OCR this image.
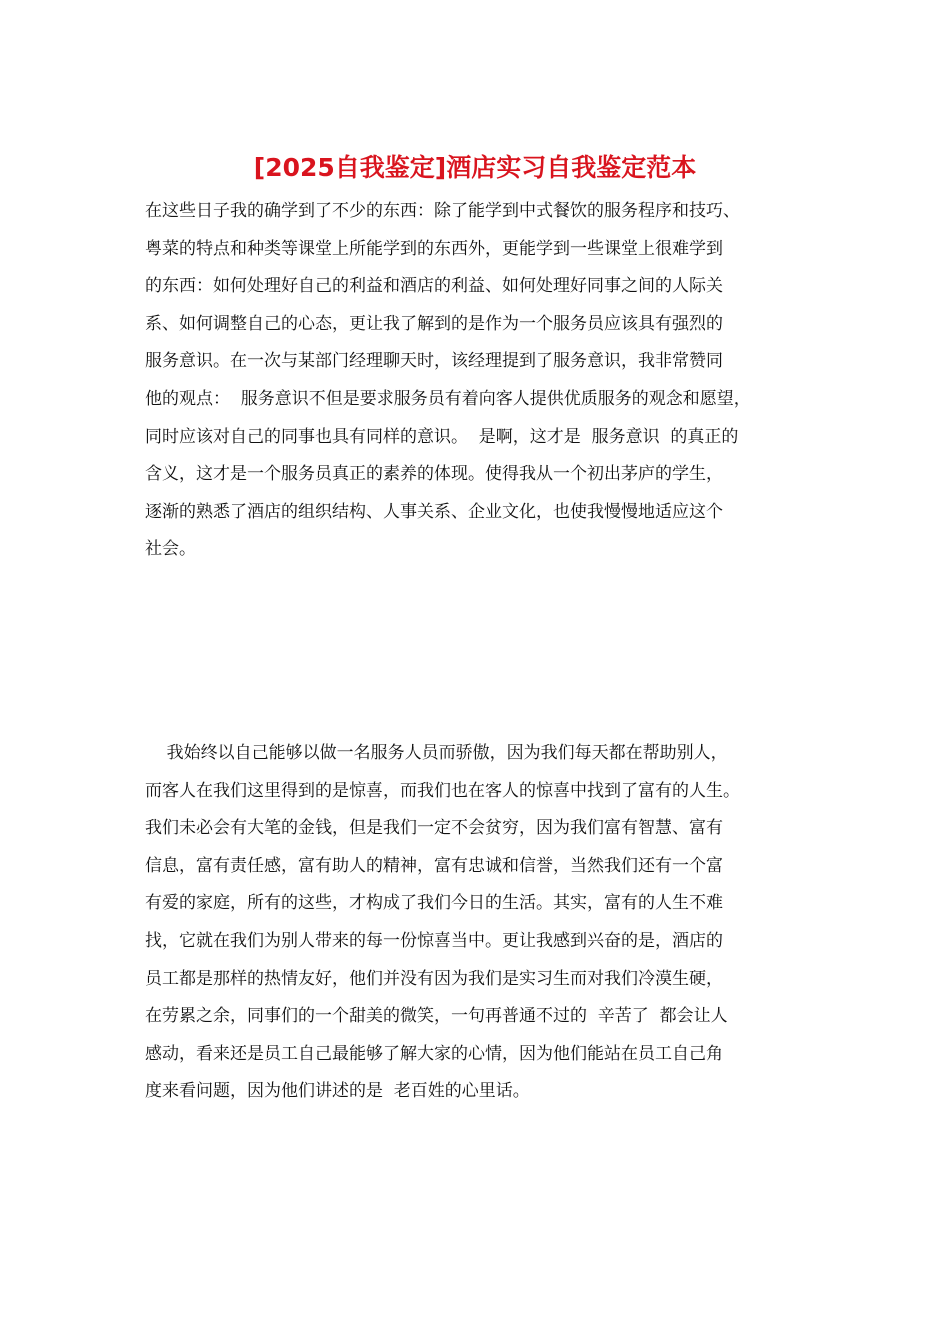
[2025自我鉴定]酒店实习自我鉴定范本
在这些日子我的确学到了不少的东西：除了能学到中式餐饮的服务程序和技巧、
粤菜的特点和种类等课堂上所能学到的东西外，更能学到一些课堂上很难学到
的东西：如何处理好自己的利益和酒店的利益、如何处理好同事之间的人际关
系、如何调整自己的心态，更让我了解到的是作为一个服务员应该具有强烈的
服务意识。在一次与某部门经理聊天时，该经理提到了服务意识，我非常赞同
他的观点：  服务意识不但是要求服务员有着向客人提供优质服务的观念和愿望，
同时应该对自己的同事也具有同样的意识。  是啊，这才是  服务意识  的真正的
含义，这才是一个服务员真正的素养的体现。使得我从一个初出茅庐的学生，
逐渐的熟悉了酒店的组织结构、人事关系、企业文化，也使我慢慢地适应这个
社会。
我始终以自己能够以做一名服务人员而骄傲，因为我们每天都在帮助别人，
而客人在我们这里得到的是惊喜，而我们也在客人的惊喜中找到了富有的人生。
我们未必会有大笔的金钱，但是我们一定不会贫穷，因为我们富有智慧、富有
信息，富有责任感，富有助人的精神，富有忠诚和信誉，当然我们还有一个富
有爱的家庭，所有的这些，才构成了我们今日的生活。其实，富有的人生不难
找，它就在我们为别人带来的每一份惊喜当中。更让我感到兴奋的是，酒店的
员工都是那样的热情友好，他们并没有因为我们是实习生而对我们冷漠生硬，
在劳累之余，同事们的一个甜美的微笑，一句再普通不过的  辛苦了  都会让人
感动，看来还是员工自己最能够了解大家的心情，因为他们能站在员工自己角
度来看问题，因为他们讲述的是  老百姓的心里话。
